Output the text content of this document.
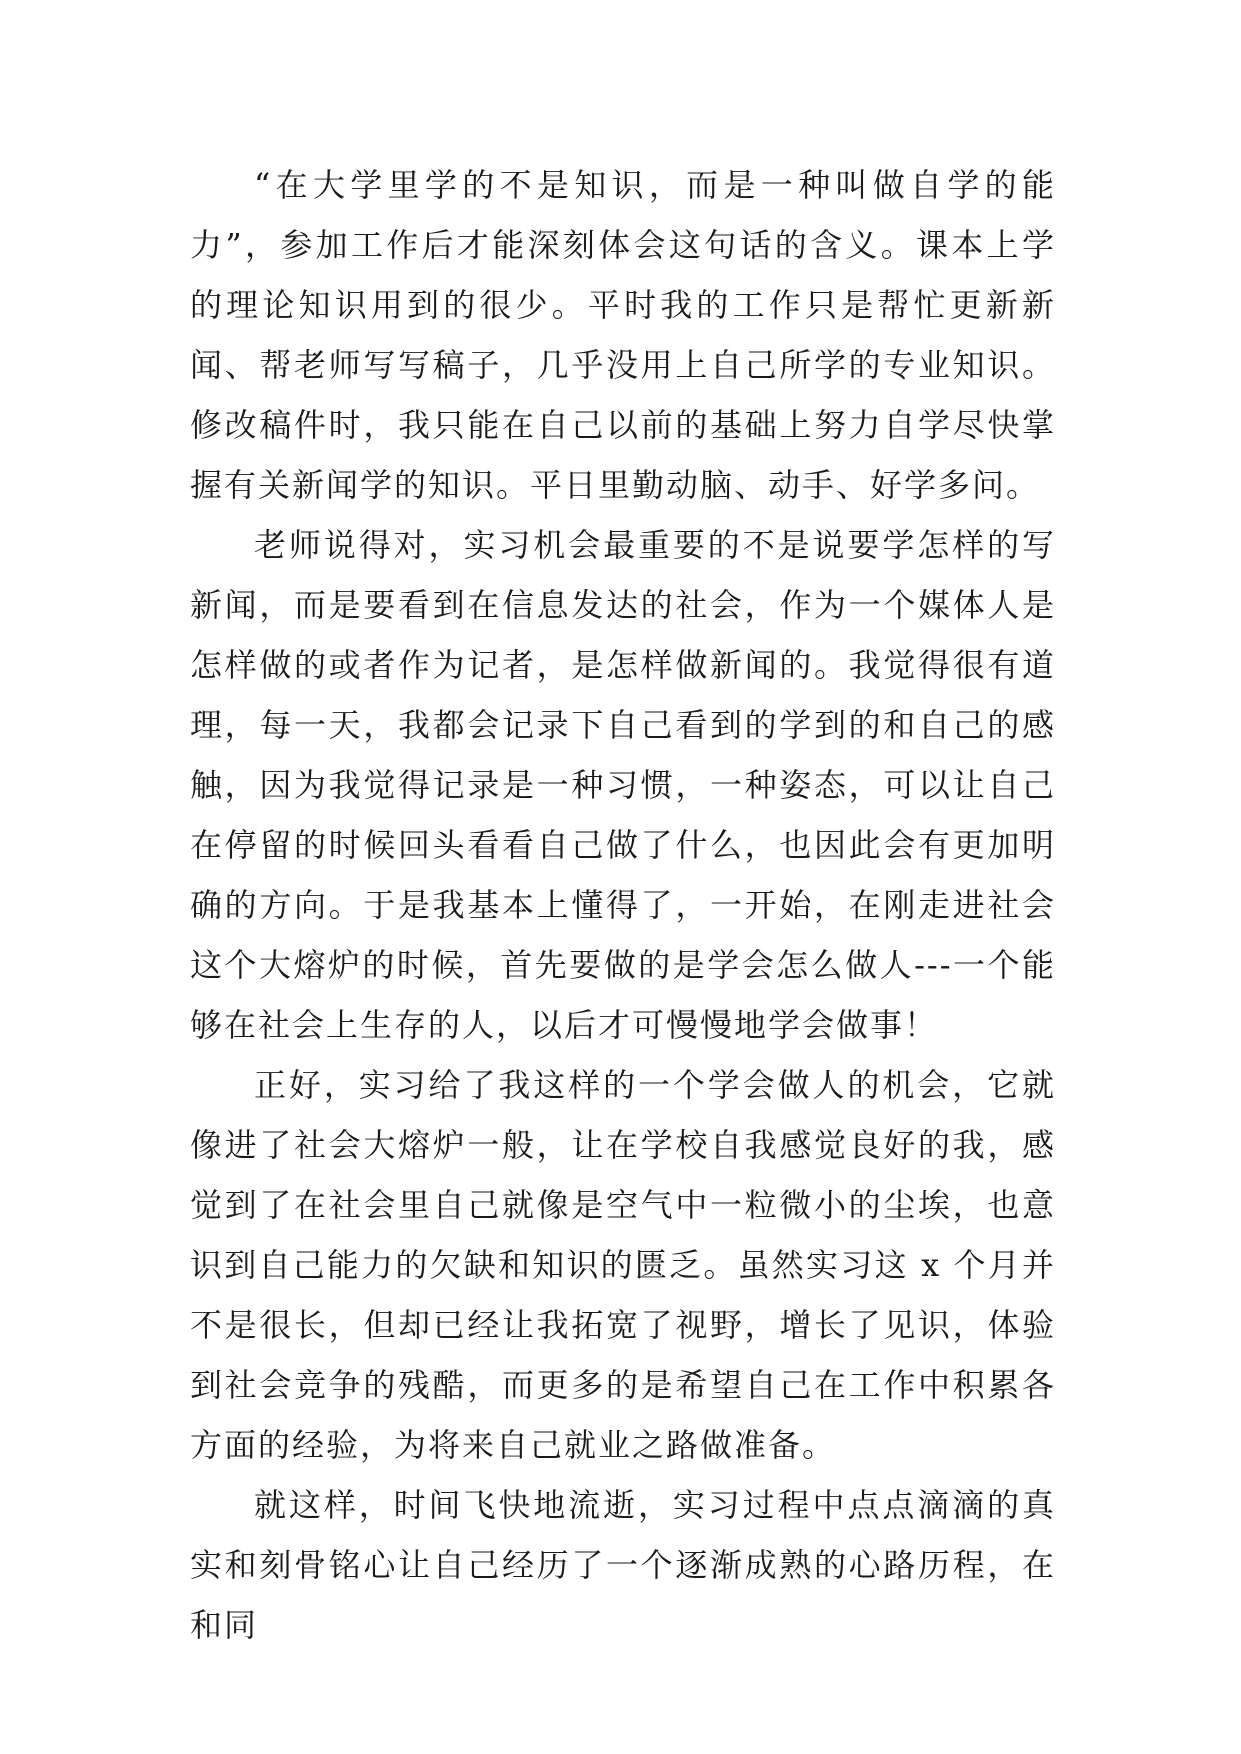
“在大学里学的不是知识，而是一种叫做自学的能力”，参加工作后才能深刻体会这句话的含义。课本上学的理论知识用到的很少。平时我的工作只是帮忙更新新闻、帮老师写写稿子，几乎没用上自己所学的专业知识。修改稿件时，我只能在自己以前的基础上努力自学尽快掌握有关新闻学的知识。平日里勤动脑、动手、好学多问。

老师说得对，实习机会最重要的不是说要学怎样的写新闻，而是要看到在信息发达的社会，作为一个媒体人是怎样做的或者作为记者，是怎样做新闻的。我觉得很有道理，每一天，我都会记录下自己看到的学到的和自己的感触，因为我觉得记录是一种习惯，一种姿态，可以让自己在停留的时候回头看看自己做了什么，也因此会有更加明确的方向。于是我基本上懂得了，一开始，在刚走进社会这个大熔炉的时候，首先要做的是学会怎么做人---一个能够在社会上生存的人，以后才可慢慢地学会做事！

正好，实习给了我这样的一个学会做人的机会，它就像进了社会大熔炉一般，让在学校自我感觉良好的我，感觉到了在社会里自己就像是空气中一粒微小的尘埃，也意识到自己能力的欠缺和知识的匮乏。虽然实习这 x 个月并不是很长，但却已经让我拓宽了视野，增长了见识，体验到社会竞争的残酷，而更多的是希望自己在工作中积累各方面的经验，为将来自己就业之路做准备。

就这样，时间飞快地流逝，实习过程中点点滴滴的真实和刻骨铭心让自己经历了一个逐渐成熟的心路历程，在和同
